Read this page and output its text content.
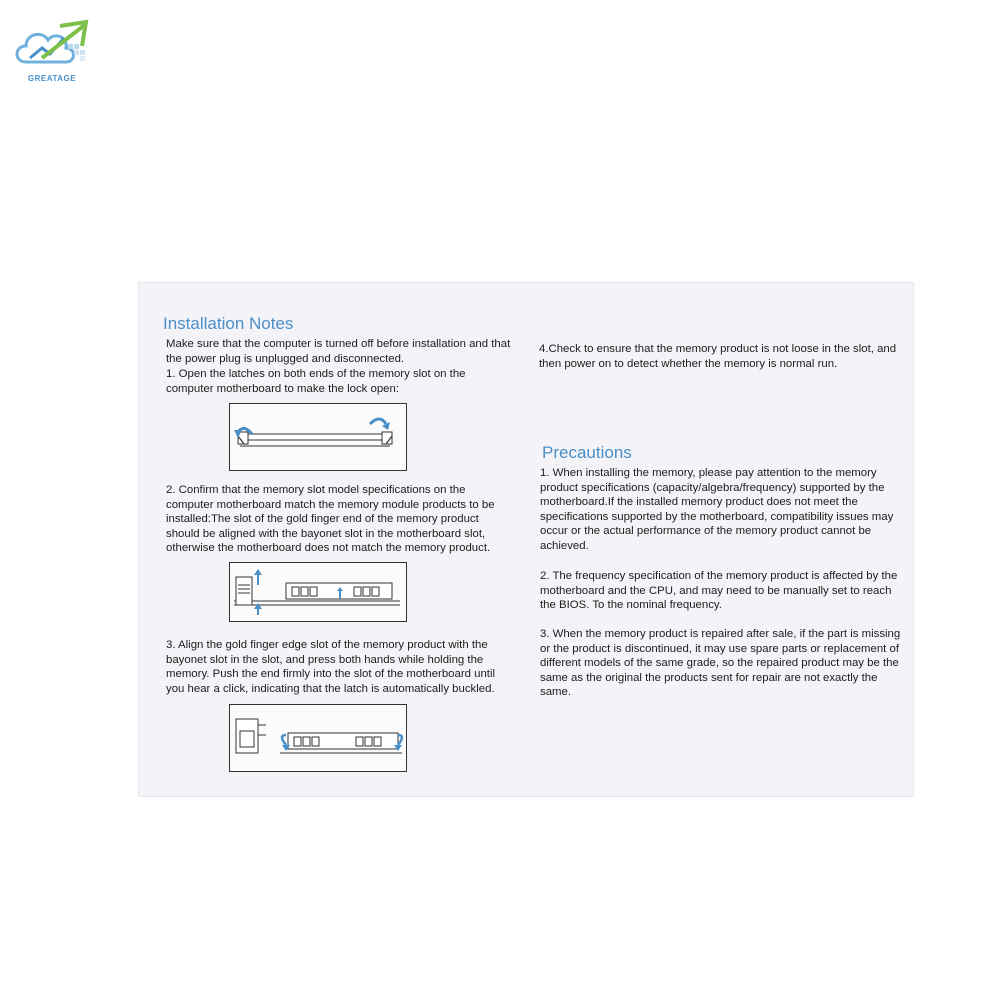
GREATAGE
Installation Notes

Make sure that the computer is turned off before installation and that the power plug is unplugged and disconnected.

1. Open the latches on both ends of the memory slot on the computer motherboard to make the lock open:

2. Confirm that the memory slot model specifications on the computer motherboard match the memory module products to be installed:The slot of the gold finger end of the memory product should be aligned with the bayonet slot in the motherboard slot, otherwise the motherboard does not match the memory product.

3. Align the gold finger edge slot of the memory product with the bayonet slot in the slot, and press both hands while holding the memory. Push the end firmly into the slot of the motherboard until you hear a click, indicating that the latch is automatically buckled.

4.Check to ensure that the memory product is not loose in the slot, and then power on to detect whether the memory is normal run.

Precautions

1. When installing the memory, please pay attention to the memory product specifications (capacity/algebra/frequency) supported by the motherboard.If the installed memory product does not meet the specifications supported by the motherboard, compatibility issues may occur or the actual performance of the memory product cannot be achieved.

2. The frequency specification of the memory product is affected by the motherboard and the CPU, and may need to be manually set to reach the BIOS. To the nominal frequency.

3. When the memory product is repaired after sale, if the part is missing or the product is discontinued, it may use spare parts or replacement of different models of the same grade, so the repaired product may be the same as the original the products sent for repair are not exactly the same.
